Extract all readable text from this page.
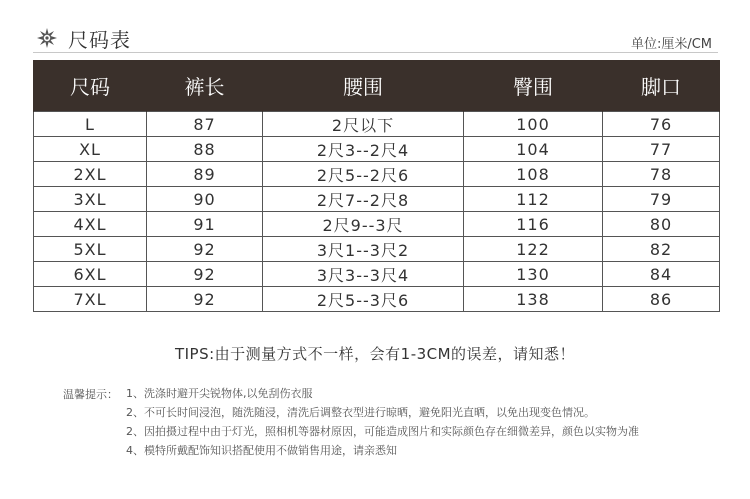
尺码表	单位:厘米/CM
尺码	裤长	腰围	臀围	脚口
L	87	2尺以下	100	76
XL	88	2尺3--2尺4	104	77
2XL	89	2尺5--2尺6	108	78
3XL	90	2尺7--2尺8	112	79
4XL	91	2尺9--3尺	116	80
5XL	92	3尺1--3尺2	122	82
6XL	92	3尺3--3尺4	130	84
7XL	92	2尺5--3尺6	138	86
TIPS:由于测量方式不一样，会有1-3CM的误差，请知悉！
温馨提示： 1、洗涤时避开尖锐物体,以免刮伤衣服
2、不可长时间浸泡，随洗随浸，清洗后调整衣型进行晾晒，避免阳光直晒，以免出现变色情况。
2、因拍摄过程中由于灯光，照相机等器材原因，可能造成图片和实际颜色存在细微差异，颜色以实物为准
4、模特所戴配饰知识搭配使用不做销售用途，请亲悉知
